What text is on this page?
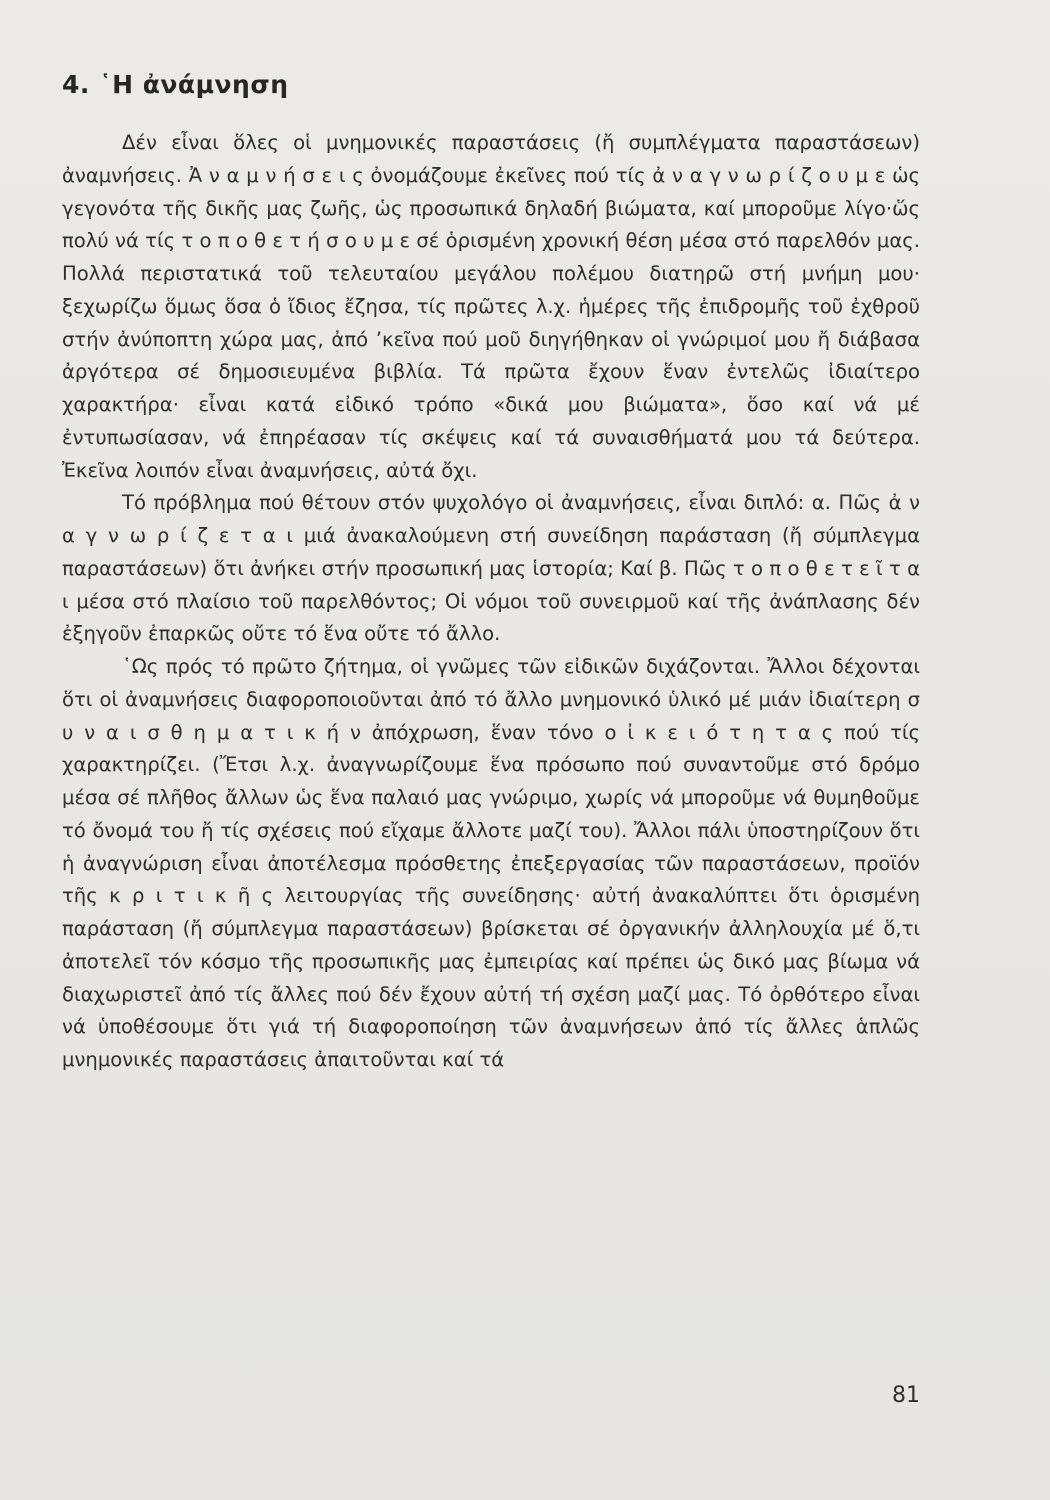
4. ῾Η ἀνάμνηση

Δέν εἶναι ὅλες οἱ μνημονικές παραστάσεις (ἤ συμπλέγματα παραστάσεων) ἀναμνήσεις. Ἀ ν α μ ν ή σ ε ι ς ὀνομάζουμε ἐκεῖνες πού τίς ἀ ν α γ ν ω ρ ί ζ ο υ μ ε ὡς γεγονότα τῆς δικῆς μας ζωῆς, ὡς προσωπικά δηλαδή βιώματα, καί μποροῦμε λίγο·ὥς πολύ νά τίς τ ο π ο θ ε τ ή σ ο υ μ ε σέ ὁρισμένη χρονική θέση μέσα στό παρελθόν μας. Πολλά περιστατικά τοῦ τελευταίου μεγάλου πολέμου διατηρῶ στή μνήμη μου· ξεχωρίζω ὅμως ὅσα ὁ ἴδιος ἔζησα, τίς πρῶτες λ.χ. ἡμέρες τῆς ἐπιδρομῆς τοῦ ἐχθροῦ στήν ἀνύποπτη χώρα μας, ἀπό ’κεῖνα πού μοῦ διηγήθηκαν οἱ γνώριμοί μου ἤ διάβασα ἀργότερα σέ δημοσιευμένα βιβλία. Τά πρῶτα ἔχουν ἕναν ἐντελῶς ἰδιαίτερο χαρακτήρα· εἶναι κατά εἰδικό τρόπο «δικά μου βιώματα», ὅσο καί νά μέ ἐντυπωσίασαν, νά ἐπηρέασαν τίς σκέψεις καί τά συναισθήματά μου τά δεύτερα. Ἐκεῖνα λοιπόν εἶναι ἀναμνήσεις, αὐτά ὄχι.

Τό πρόβλημα πού θέτουν στόν ψυχολόγο οἱ ἀναμνήσεις, εἶναι διπλό: α. Πῶς ἀ ν α γ ν ω ρ ί ζ ε τ α ι μιά ἀνακαλούμενη στή συνείδηση παράσταση (ἤ σύμπλεγμα παραστάσεων) ὅτι ἀνήκει στήν προσωπική μας ἱστορία; Καί β. Πῶς τ ο π ο θ ε τ ε ῖ τ α ι μέσα στό πλαίσιο τοῦ παρελθόντος; Οἱ νόμοι τοῦ συνειρμοῦ καί τῆς ἀνάπλασης δέν ἐξηγοῦν ἐπαρκῶς οὔτε τό ἕνα οὔτε τό ἄλλο.

῾Ως πρός τό πρῶτο ζήτημα, οἱ γνῶμες τῶν εἰδικῶν διχάζονται. Ἄλλοι δέχονται ὅτι οἱ ἀναμνήσεις διαφοροποιοῦνται ἀπό τό ἄλλο μνημονικό ὑλικό μέ μιάν ἰδιαίτερη σ υ ν α ι σ θ η μ α τ ι κ ή ν ἀπόχρωση, ἕναν τόνο ο ἰ κ ε ι ό τ η τ α ς πού τίς χαρακτηρίζει. (Ἔτσι λ.χ. ἀναγνωρίζουμε ἕνα πρόσωπο πού συναντοῦμε στό δρόμο μέσα σέ πλῆθος ἄλλων ὡς ἕνα παλαιό μας γνώριμο, χωρίς νά μποροῦμε νά θυμηθοῦμε τό ὄνομά του ἤ τίς σχέσεις πού εἴχαμε ἄλλοτε μαζί του). Ἄλλοι πάλι ὑποστηρίζουν ὅτι ἡ ἀναγνώριση εἶναι ἀποτέλεσμα πρόσθετης ἐπεξεργασίας τῶν παραστάσεων, προϊόν τῆς κ ρ ι τ ι κ ῆ ς λειτουργίας τῆς συνείδησης· αὐτή ἀνακαλύπτει ὅτι ὁρισμένη παράσταση (ἤ σύμπλεγμα παραστάσεων) βρίσκεται σέ ὀργανικήν ἀλληλουχία μέ ὅ,τι ἀποτελεῖ τόν κόσμο τῆς προσωπικῆς μας ἐμπειρίας καί πρέπει ὡς δικό μας βίωμα νά διαχωριστεῖ ἀπό τίς ἄλλες πού δέν ἔχουν αὐτή τή σχέση μαζί μας. Τό ὀρθότερο εἶναι νά ὑποθέσουμε ὅτι γιά τή διαφοροποίηση τῶν ἀναμνήσεων ἀπό τίς ἄλλες ἁπλῶς μνημονικές παραστάσεις ἀπαιτοῦνται καί τά

81
